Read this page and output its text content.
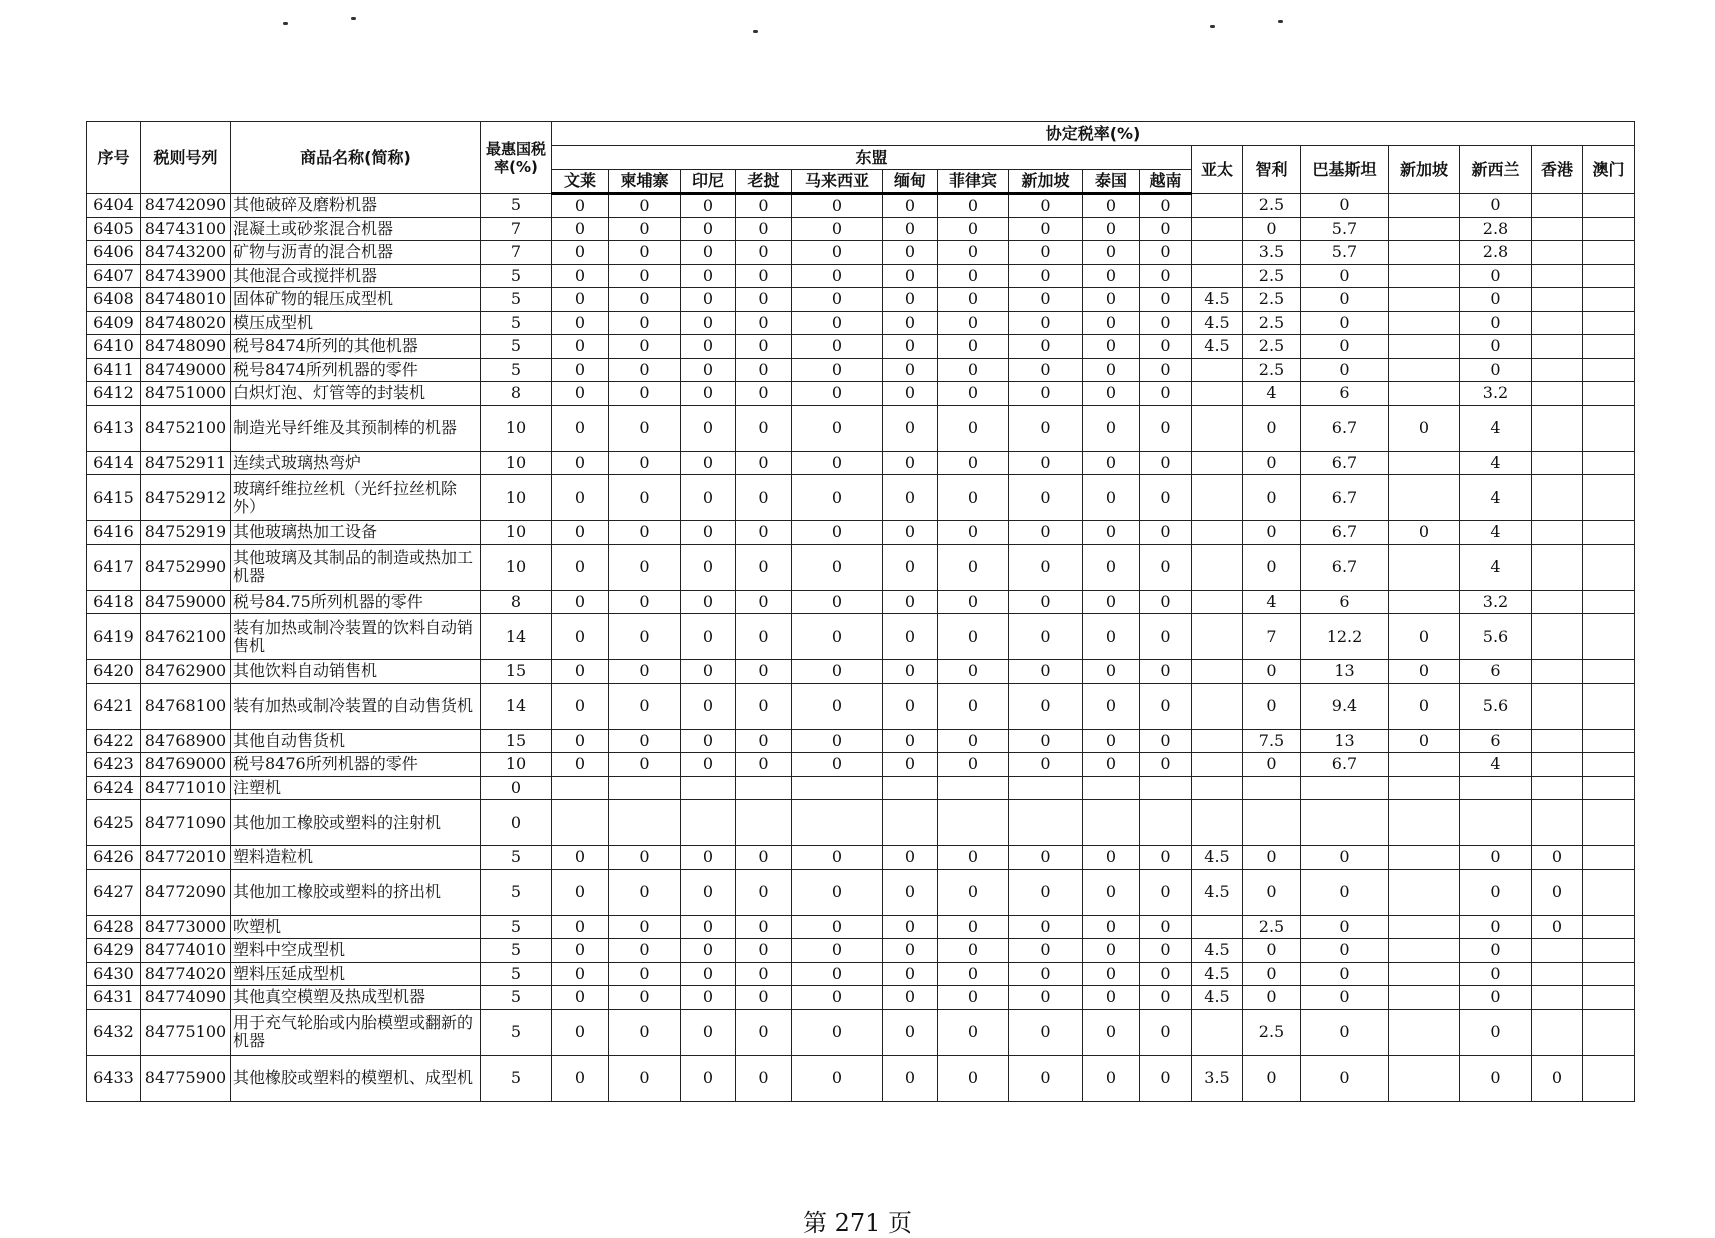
序号	税则号列	商品名称(简称)	最惠国税率(%)	协定税率(%)																
				东盟										亚太	智利	巴基斯坦	新加坡	新西兰	香港	澳门
				文莱	柬埔寨	印尼	老挝	马来西亚	缅甸	菲律宾	新加坡	泰国	越南							
6404	84742090	其他破碎及磨粉机器	5	0	0	0	0	0	0	0	0	0	0		2.5	0		0		
6405	84743100	混凝土或砂浆混合机器	7	0	0	0	0	0	0	0	0	0	0		0	5.7		2.8		
6406	84743200	矿物与沥青的混合机器	7	0	0	0	0	0	0	0	0	0	0		3.5	5.7		2.8		
6407	84743900	其他混合或搅拌机器	5	0	0	0	0	0	0	0	0	0	0		2.5	0		0		
6408	84748010	固体矿物的辊压成型机	5	0	0	0	0	0	0	0	0	0	0	4.5	2.5	0		0		
6409	84748020	模压成型机	5	0	0	0	0	0	0	0	0	0	0	4.5	2.5	0		0		
6410	84748090	税号8474所列的其他机器	5	0	0	0	0	0	0	0	0	0	0	4.5	2.5	0		0		
6411	84749000	税号8474所列机器的零件	5	0	0	0	0	0	0	0	0	0	0		2.5	0		0		
6412	84751000	白炽灯泡、灯管等的封装机	8	0	0	0	0	0	0	0	0	0	0		4	6		3.2		
6413	84752100	制造光导纤维及其预制棒的机器	10	0	0	0	0	0	0	0	0	0	0		0	6.7	0	4		
6414	84752911	连续式玻璃热弯炉	10	0	0	0	0	0	0	0	0	0	0		0	6.7		4		
6415	84752912	玻璃纤维拉丝机（光纤拉丝机除外）	10	0	0	0	0	0	0	0	0	0	0		0	6.7		4		
6416	84752919	其他玻璃热加工设备	10	0	0	0	0	0	0	0	0	0	0		0	6.7	0	4		
6417	84752990	其他玻璃及其制品的制造或热加工机器	10	0	0	0	0	0	0	0	0	0	0		0	6.7		4		
6418	84759000	税号84.75所列机器的零件	8	0	0	0	0	0	0	0	0	0	0		4	6		3.2		
6419	84762100	装有加热或制冷装置的饮料自动销售机	14	0	0	0	0	0	0	0	0	0	0		7	12.2	0	5.6		
6420	84762900	其他饮料自动销售机	15	0	0	0	0	0	0	0	0	0	0		0	13	0	6		
6421	84768100	装有加热或制冷装置的自动售货机	14	0	0	0	0	0	0	0	0	0	0		0	9.4	0	5.6		
6422	84768900	其他自动售货机	15	0	0	0	0	0	0	0	0	0	0		7.5	13	0	6		
6423	84769000	税号8476所列机器的零件	10	0	0	0	0	0	0	0	0	0	0		0	6.7		4		
6424	84771010	注塑机	0																	
6425	84771090	其他加工橡胶或塑料的注射机	0																	
6426	84772010	塑料造粒机	5	0	0	0	0	0	0	0	0	0	0	4.5	0	0		0	0	
6427	84772090	其他加工橡胶或塑料的挤出机	5	0	0	0	0	0	0	0	0	0	0	4.5	0	0		0	0	
6428	84773000	吹塑机	5	0	0	0	0	0	0	0	0	0	0		2.5	0		0	0	
6429	84774010	塑料中空成型机	5	0	0	0	0	0	0	0	0	0	0	4.5	0	0		0		
6430	84774020	塑料压延成型机	5	0	0	0	0	0	0	0	0	0	0	4.5	0	0		0		
6431	84774090	其他真空模塑及热成型机器	5	0	0	0	0	0	0	0	0	0	0	4.5	0	0		0		
6432	84775100	用于充气轮胎或内胎模塑或翻新的机器	5	0	0	0	0	0	0	0	0	0	0		2.5	0		0		
6433	84775900	其他橡胶或塑料的模塑机、成型机	5	0	0	0	0	0	0	0	0	0	0	3.5	0	0		0	0	
第 271 页
